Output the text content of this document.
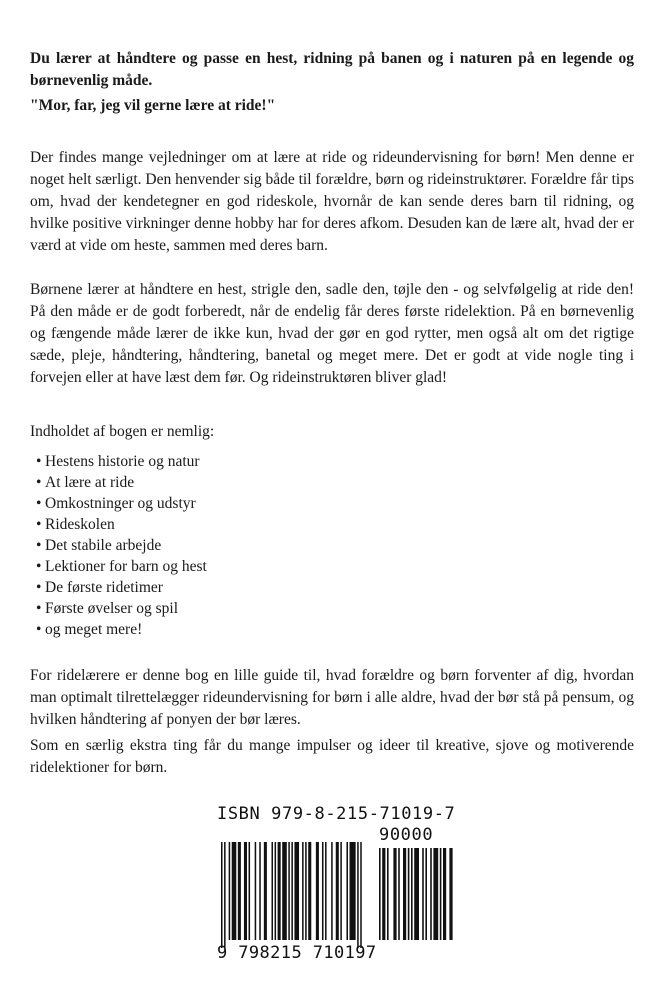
Du lærer at håndtere og passe en hest, ridning på banen og i naturen på en legende og børnevenlig måde.

"Mor, far, jeg vil gerne lære at ride!"

Der findes mange vejledninger om at lære at ride og rideundervisning for børn! Men denne er noget helt særligt. Den henvender sig både til forældre, børn og rideinstruktører. Forældre får tips om, hvad der kendetegner en god rideskole, hvornår de kan sende deres barn til ridning, og hvilke positive virkninger denne hobby har for deres afkom. Desuden kan de lære alt, hvad der er værd at vide om heste, sammen med deres barn.

Børnene lærer at håndtere en hest, strigle den, sadle den, tøjle den - og selvfølgelig at ride den! På den måde er de godt forberedt, når de endelig får deres første ridelektion. På en børnevenlig og fængende måde lærer de ikke kun, hvad der gør en god rytter, men også alt om det rigtige sæde, pleje, håndtering, håndtering, banetal og meget mere. Det er godt at vide nogle ting i forvejen eller at have læst dem før. Og rideinstruktøren bliver glad!

Indholdet af bogen er nemlig:

• Hestens historie og natur
• At lære at ride
• Omkostninger og udstyr
• Rideskolen
• Det stabile arbejde
• Lektioner for barn og hest
• De første ridetimer
• Første øvelser og spil
• og meget mere!

For ridelærere er denne bog en lille guide til, hvad forældre og børn forventer af dig, hvordan man optimalt tilrettelægger rideundervisning for børn i alle aldre, hvad der bør stå på pensum, og hvilken håndtering af ponyen der bør læres.

Som en særlig ekstra ting får du mange impulser og ideer til kreative, sjove og motiverende ridelektioner for børn.

ISBN 979-8-215-71019-7
90000
9 798215 710197
